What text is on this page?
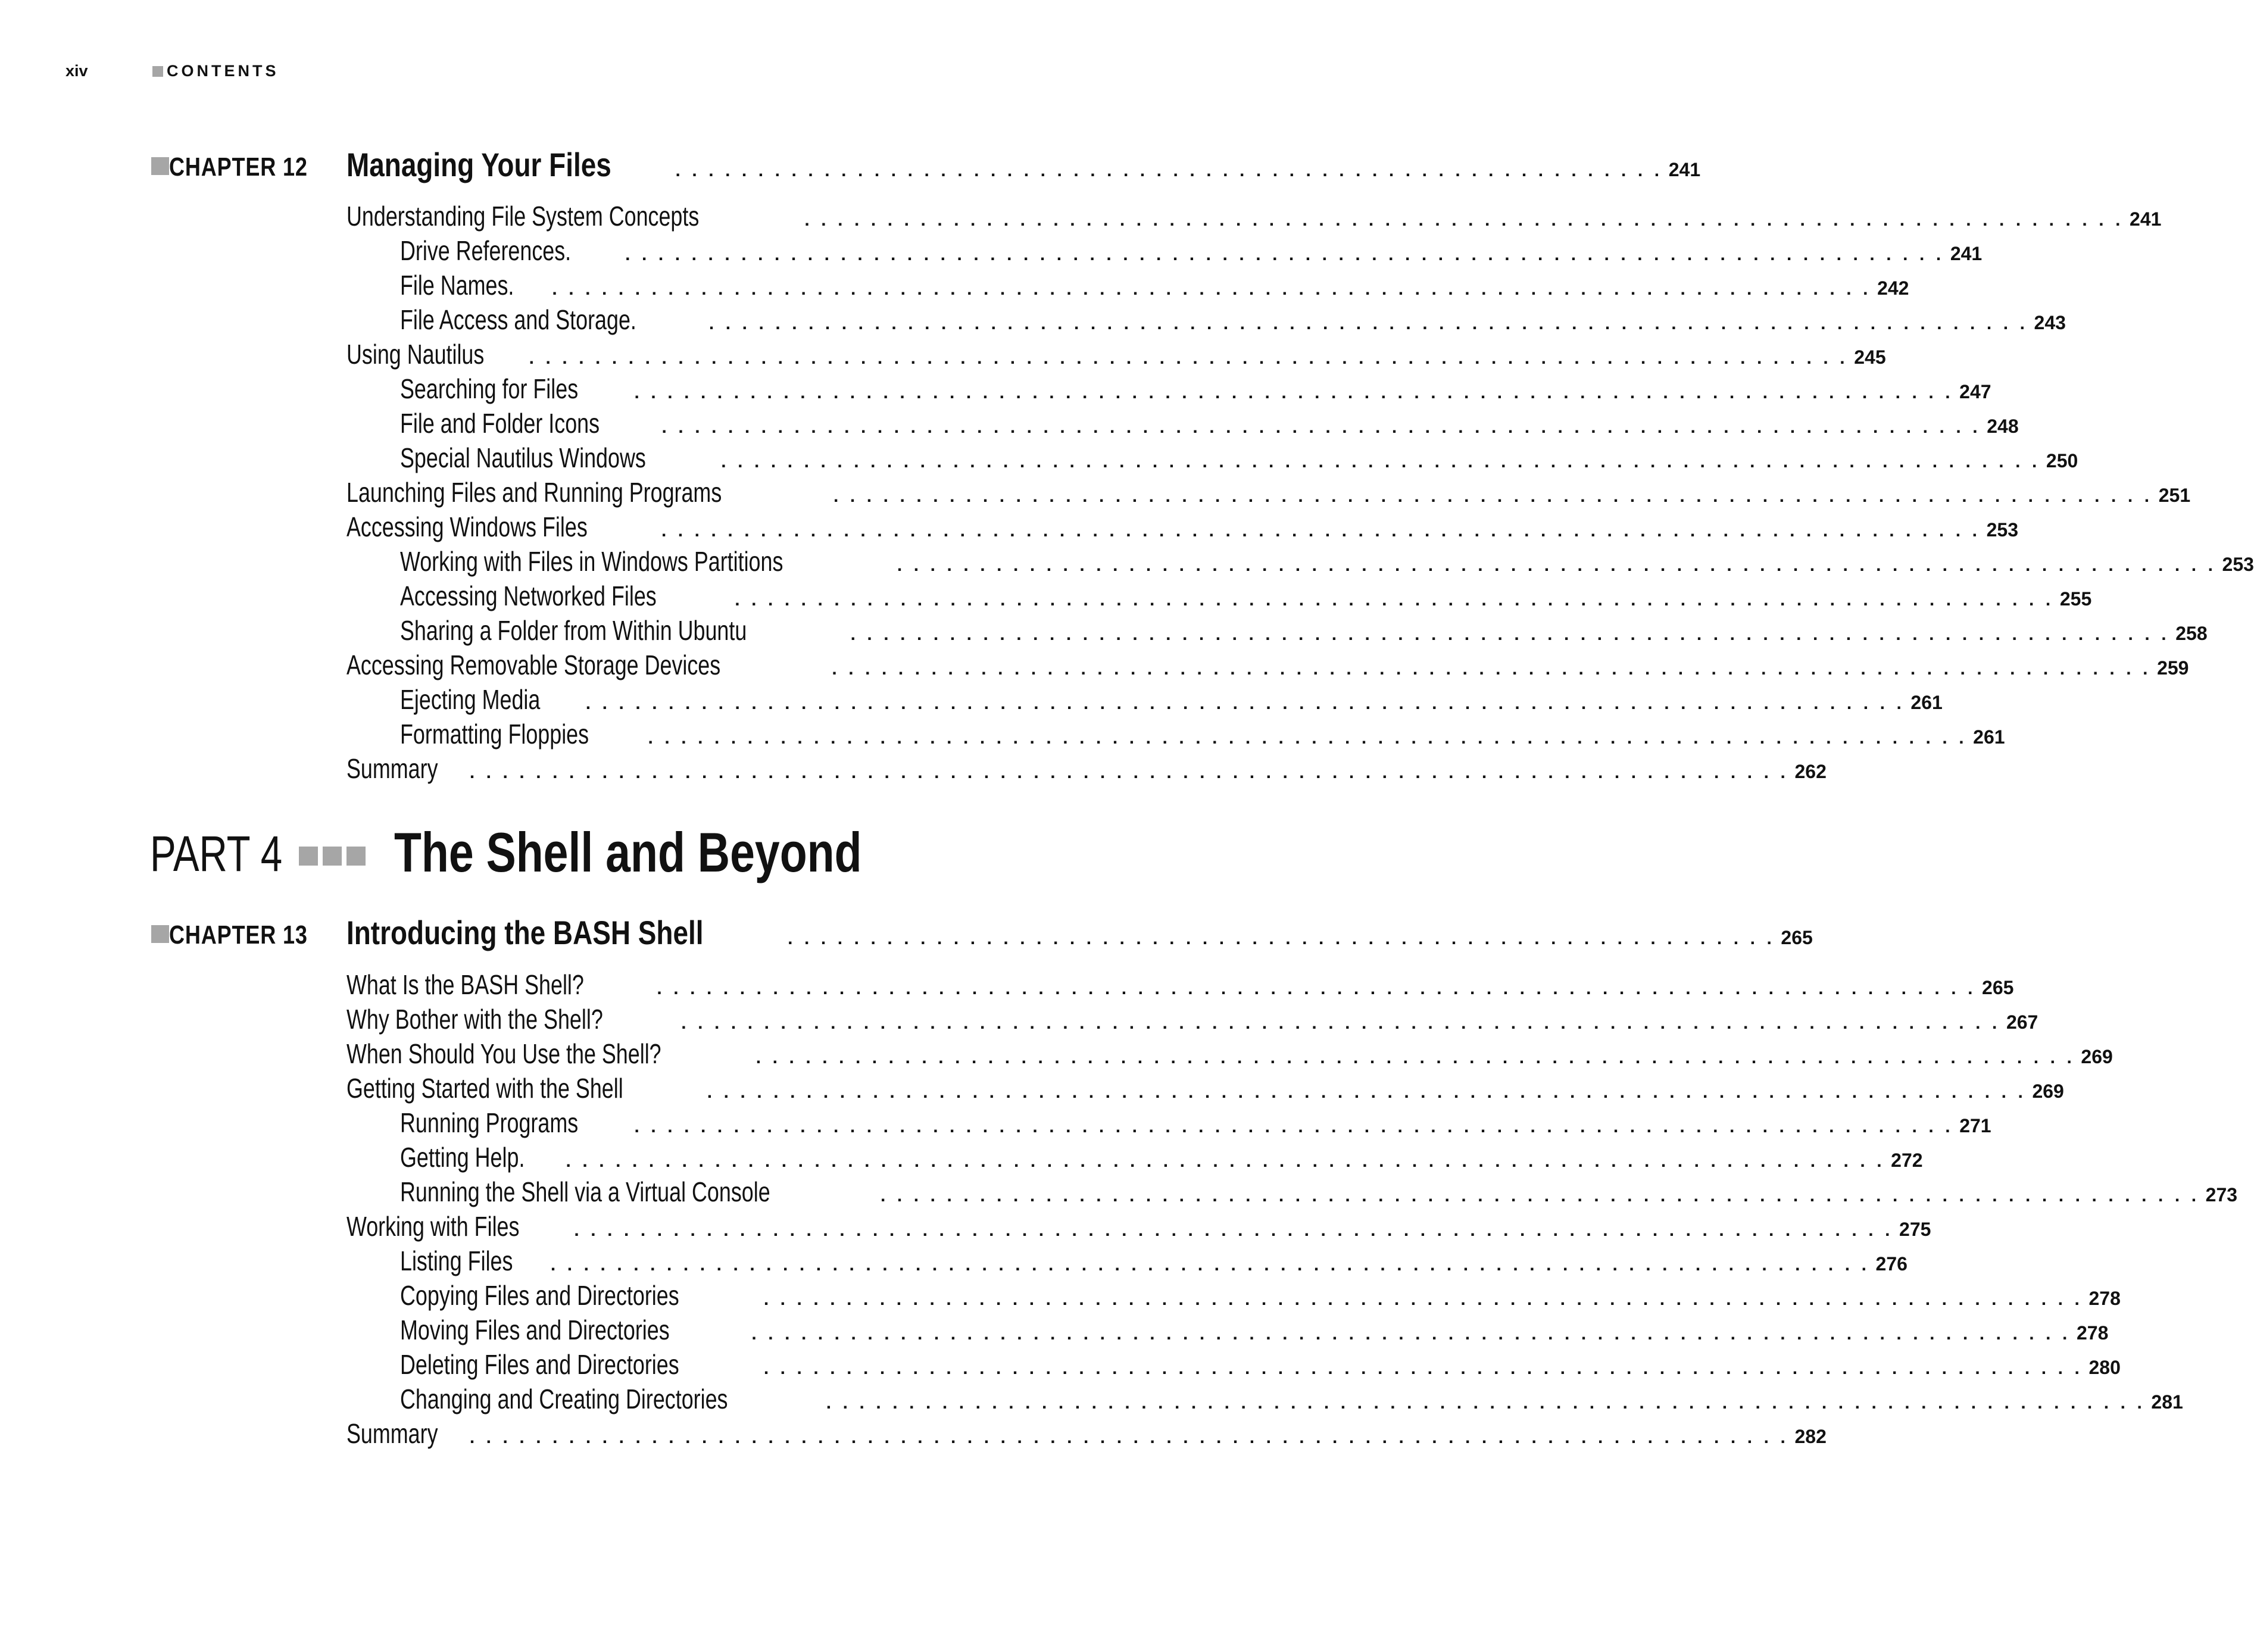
xiv	CONTENTS
CHAPTER 12	Managing Your Files	. . . . . . . . . . . . . . . . . . . . . . . . . . . . . . . . . . . . . . . . . . . . . . . . . . . . . . . . . . . . 241
Understanding File System Concepts	. . . . . . . . . . . . . . . . . . . . . . . . . . . . . . . . . . . . . . . . . . . . . . . . . . . . . . . . . . . . . . . . . . . . . . . . . . . . . . . . 241
Drive References.	. . . . . . . . . . . . . . . . . . . . . . . . . . . . . . . . . . . . . . . . . . . . . . . . . . . . . . . . . . . . . . . . . . . . . . . . . . . . . . . . 241
File Names.	. . . . . . . . . . . . . . . . . . . . . . . . . . . . . . . . . . . . . . . . . . . . . . . . . . . . . . . . . . . . . . . . . . . . . . . . . . . . . . . . 242
File Access and Storage.	. . . . . . . . . . . . . . . . . . . . . . . . . . . . . . . . . . . . . . . . . . . . . . . . . . . . . . . . . . . . . . . . . . . . . . . . . . . . . . . . 243
Using Nautilus	. . . . . . . . . . . . . . . . . . . . . . . . . . . . . . . . . . . . . . . . . . . . . . . . . . . . . . . . . . . . . . . . . . . . . . . . . . . . . . . . 245
Searching for Files	. . . . . . . . . . . . . . . . . . . . . . . . . . . . . . . . . . . . . . . . . . . . . . . . . . . . . . . . . . . . . . . . . . . . . . . . . . . . . . . . 247
File and Folder Icons	. . . . . . . . . . . . . . . . . . . . . . . . . . . . . . . . . . . . . . . . . . . . . . . . . . . . . . . . . . . . . . . . . . . . . . . . . . . . . . . . 248
Special Nautilus Windows	. . . . . . . . . . . . . . . . . . . . . . . . . . . . . . . . . . . . . . . . . . . . . . . . . . . . . . . . . . . . . . . . . . . . . . . . . . . . . . . . 250
Launching Files and Running Programs	. . . . . . . . . . . . . . . . . . . . . . . . . . . . . . . . . . . . . . . . . . . . . . . . . . . . . . . . . . . . . . . . . . . . . . . . . . . . . . . . 251
Accessing Windows Files	. . . . . . . . . . . . . . . . . . . . . . . . . . . . . . . . . . . . . . . . . . . . . . . . . . . . . . . . . . . . . . . . . . . . . . . . . . . . . . . . 253
Working with Files in Windows Partitions	. . . . . . . . . . . . . . . . . . . . . . . . . . . . . . . . . . . . . . . . . . . . . . . . . . . . . . . . . . . . . . . . . . . . . . . . . . . . . . . . 253
Accessing Networked Files	. . . . . . . . . . . . . . . . . . . . . . . . . . . . . . . . . . . . . . . . . . . . . . . . . . . . . . . . . . . . . . . . . . . . . . . . . . . . . . . . 255
Sharing a Folder from Within Ubuntu	. . . . . . . . . . . . . . . . . . . . . . . . . . . . . . . . . . . . . . . . . . . . . . . . . . . . . . . . . . . . . . . . . . . . . . . . . . . . . . . . 258
Accessing Removable Storage Devices	. . . . . . . . . . . . . . . . . . . . . . . . . . . . . . . . . . . . . . . . . . . . . . . . . . . . . . . . . . . . . . . . . . . . . . . . . . . . . . . . 259
Ejecting Media	. . . . . . . . . . . . . . . . . . . . . . . . . . . . . . . . . . . . . . . . . . . . . . . . . . . . . . . . . . . . . . . . . . . . . . . . . . . . . . . . 261
Formatting Floppies	. . . . . . . . . . . . . . . . . . . . . . . . . . . . . . . . . . . . . . . . . . . . . . . . . . . . . . . . . . . . . . . . . . . . . . . . . . . . . . . . 261
Summary	. . . . . . . . . . . . . . . . . . . . . . . . . . . . . . . . . . . . . . . . . . . . . . . . . . . . . . . . . . . . . . . . . . . . . . . . . . . . . . . . 262
PART 4	The Shell and Beyond
CHAPTER 13	Introducing the BASH Shell	. . . . . . . . . . . . . . . . . . . . . . . . . . . . . . . . . . . . . . . . . . . . . . . . . . . . . . . . . . . . 265
What Is the BASH Shell?	. . . . . . . . . . . . . . . . . . . . . . . . . . . . . . . . . . . . . . . . . . . . . . . . . . . . . . . . . . . . . . . . . . . . . . . . . . . . . . . . 265
Why Bother with the Shell?	. . . . . . . . . . . . . . . . . . . . . . . . . . . . . . . . . . . . . . . . . . . . . . . . . . . . . . . . . . . . . . . . . . . . . . . . . . . . . . . . 267
When Should You Use the Shell?	. . . . . . . . . . . . . . . . . . . . . . . . . . . . . . . . . . . . . . . . . . . . . . . . . . . . . . . . . . . . . . . . . . . . . . . . . . . . . . . . 269
Getting Started with the Shell	. . . . . . . . . . . . . . . . . . . . . . . . . . . . . . . . . . . . . . . . . . . . . . . . . . . . . . . . . . . . . . . . . . . . . . . . . . . . . . . . 269
Running Programs	. . . . . . . . . . . . . . . . . . . . . . . . . . . . . . . . . . . . . . . . . . . . . . . . . . . . . . . . . . . . . . . . . . . . . . . . . . . . . . . . 271
Getting Help.	. . . . . . . . . . . . . . . . . . . . . . . . . . . . . . . . . . . . . . . . . . . . . . . . . . . . . . . . . . . . . . . . . . . . . . . . . . . . . . . . 272
Running the Shell via a Virtual Console	. . . . . . . . . . . . . . . . . . . . . . . . . . . . . . . . . . . . . . . . . . . . . . . . . . . . . . . . . . . . . . . . . . . . . . . . . . . . . . . . 273
Working with Files	. . . . . . . . . . . . . . . . . . . . . . . . . . . . . . . . . . . . . . . . . . . . . . . . . . . . . . . . . . . . . . . . . . . . . . . . . . . . . . . . 275
Listing Files	. . . . . . . . . . . . . . . . . . . . . . . . . . . . . . . . . . . . . . . . . . . . . . . . . . . . . . . . . . . . . . . . . . . . . . . . . . . . . . . . 276
Copying Files and Directories	. . . . . . . . . . . . . . . . . . . . . . . . . . . . . . . . . . . . . . . . . . . . . . . . . . . . . . . . . . . . . . . . . . . . . . . . . . . . . . . . 278
Moving Files and Directories	. . . . . . . . . . . . . . . . . . . . . . . . . . . . . . . . . . . . . . . . . . . . . . . . . . . . . . . . . . . . . . . . . . . . . . . . . . . . . . . . 278
Deleting Files and Directories	. . . . . . . . . . . . . . . . . . . . . . . . . . . . . . . . . . . . . . . . . . . . . . . . . . . . . . . . . . . . . . . . . . . . . . . . . . . . . . . . 280
Changing and Creating Directories	. . . . . . . . . . . . . . . . . . . . . . . . . . . . . . . . . . . . . . . . . . . . . . . . . . . . . . . . . . . . . . . . . . . . . . . . . . . . . . . . 281
Summary	. . . . . . . . . . . . . . . . . . . . . . . . . . . . . . . . . . . . . . . . . . . . . . . . . . . . . . . . . . . . . . . . . . . . . . . . . . . . . . . . 282
